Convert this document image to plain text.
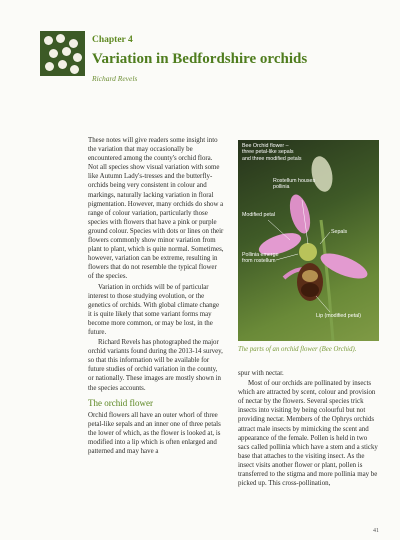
Chapter 4
Variation in Bedfordshire orchids
Richard Revels

These notes will give readers some insight into the variation that may occasionally be encountered among the county's orchid flora. Not all species show visual variation with some like Autumn Lady's-tresses and the butterfly-orchids being very consistent in colour and markings, naturally lacking variation in floral pigmentation. However, many orchids do show a range of colour variation, particularly those species with flowers that have a pink or purple ground colour. Species with dots or lines on their flowers commonly show minor variation from plant to plant, which is quite normal. Sometimes, however, variation can be extreme, resulting in flowers that do not resemble the typical flower of the species.

Variation in orchids will be of particular interest to those studying evolution, or the genetics of orchids. With global climate change it is quite likely that some variant forms may become more common, or may be lost, in the future.

Richard Revels has photographed the major orchid variants found during the 2013-14 survey, so that this information will be available for future studies of orchid variation in the county, or nationally. These images are mostly shown in the species accounts.

The orchid flower

Orchid flowers all have an outer whorl of three petal-like sepals and an inner one of three petals the lower of which, as the flower is looked at, is modified into a lip which is often enlarged and patterned and may have a

Bee Orchid flower – three petal-like sepals and three modified petals
Rostellum houses pollinia
Modified petal
Sepals
Pollinia emerge from rostellum
Lip (modified petal)
The parts of an orchid flower (Bee Orchid).

spur with nectar.

Most of our orchids are pollinated by insects which are attracted by scent, colour and provision of nectar by the flowers. Several species trick insects into visiting by being colourful but not providing nectar. Members of the Ophrys orchids attract male insects by mimicking the scent and appearance of the female. Pollen is held in two sacs called pollinia which have a stem and a sticky base that attaches to the visiting insect. As the insect visits another flower or plant, pollen is transferred to the stigma and more pollinia may be picked up. This cross-pollination,

41
